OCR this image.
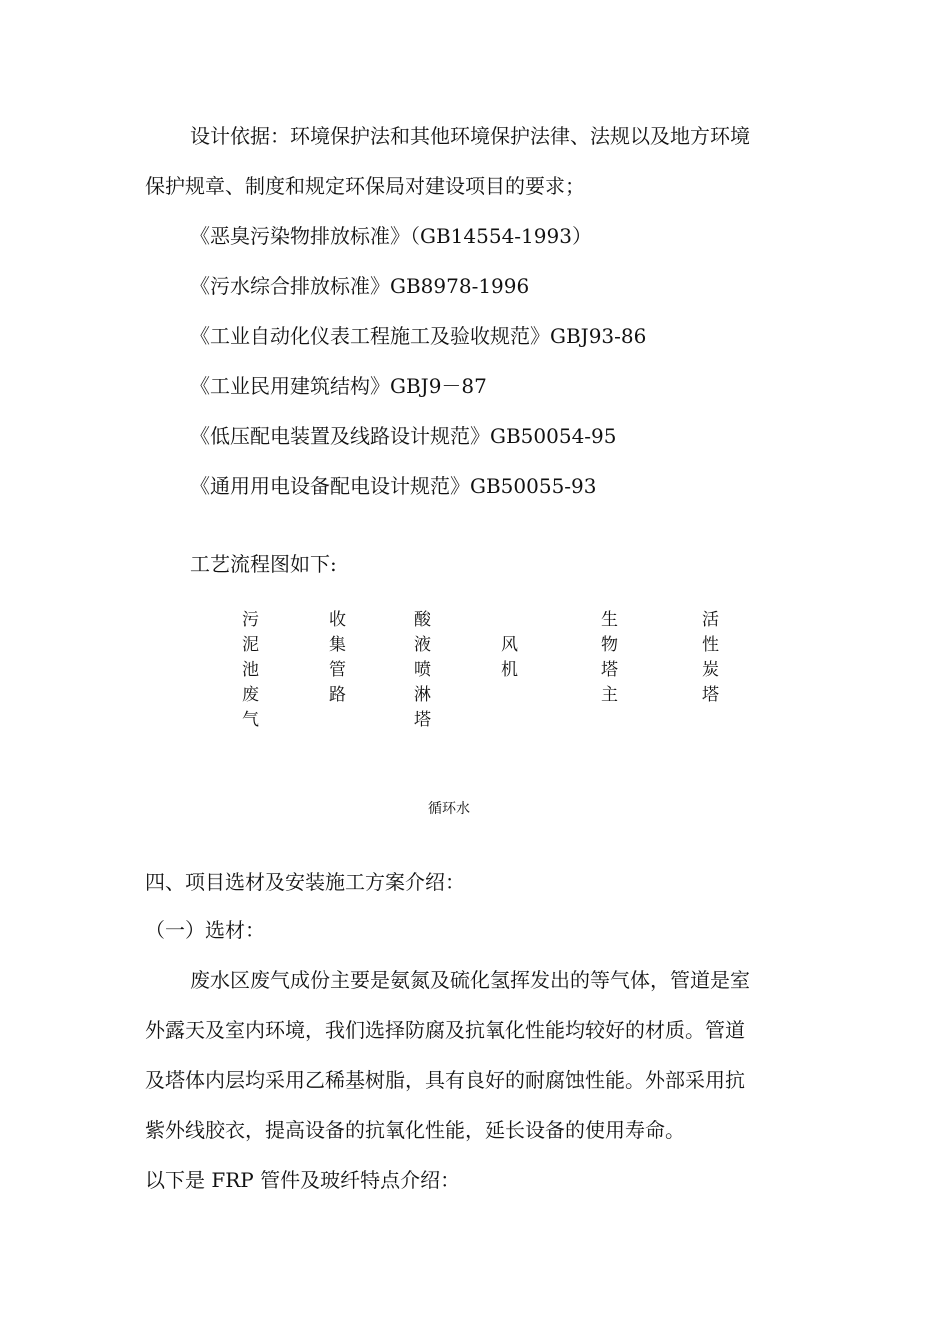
设计依据：环境保护法和其他环境保护法律、法规以及地方环境
保护规章、制度和规定环保局对建设项目的要求；
《恶臭污染物排放标准》（GB14554-1993）
《污水综合排放标准》GB8978-1996
《工业自动化仪表工程施工及验收规范》GBJ93-86
《工业民用建筑结构》GBJ9－87
《低压配电装置及线路设计规范》GB50054-95
《通用用电设备配电设计规范》GB50055-93
工艺流程图如下:
污
泥
池
废
气
收
集
管
路
酸
液
喷
淋
塔
风
机
生
物
塔
主
活
性
炭
塔
循环水
四、项目选材及安装施工方案介绍：
（一）选材：
废水区废气成份主要是氨氮及硫化氢挥发出的等气体，管道是室
外露天及室内环境，我们选择防腐及抗氧化性能均较好的材质。管道
及塔体内层均采用乙稀基树脂，具有良好的耐腐蚀性能。外部采用抗
紫外线胶衣，提高设备的抗氧化性能，延长设备的使用寿命。
以下是 FRP 管件及玻纤特点介绍：
